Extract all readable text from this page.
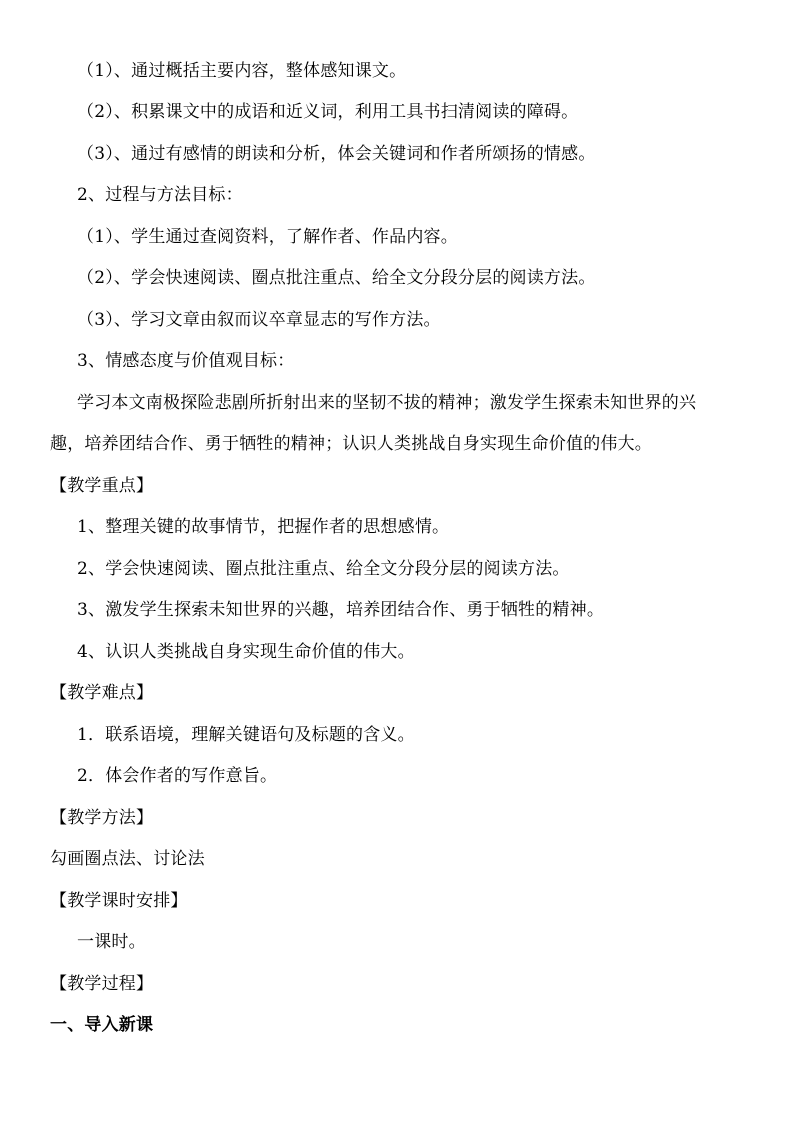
（1）、通过概括主要内容，整体感知课文。
（2）、积累课文中的成语和近义词，利用工具书扫清阅读的障碍。
（3）、通过有感情的朗读和分析，体会关键词和作者所颂扬的情感。
2、过程与方法目标：
（1）、学生通过查阅资料，了解作者、作品内容。
（2）、学会快速阅读、圈点批注重点、给全文分段分层的阅读方法。
（3）、学习文章由叙而议卒章显志的写作方法。
3、情感态度与价值观目标：
学习本文南极探险悲剧所折射出来的坚韧不拔的精神；激发学生探索未知世界的兴
趣，培养团结合作、勇于牺牲的精神；认识人类挑战自身实现生命价值的伟大。
【教学重点】
1、整理关键的故事情节，把握作者的思想感情。
2、学会快速阅读、圈点批注重点、给全文分段分层的阅读方法。
3、激发学生探索未知世界的兴趣，培养团结合作、勇于牺牲的精神。
4、认识人类挑战自身实现生命价值的伟大。
【教学难点】
1．联系语境，理解关键语句及标题的含义。
2．体会作者的写作意旨。
【教学方法】
勾画圈点法、讨论法
【教学课时安排】
一课时。
【教学过程】
一、导入新课
